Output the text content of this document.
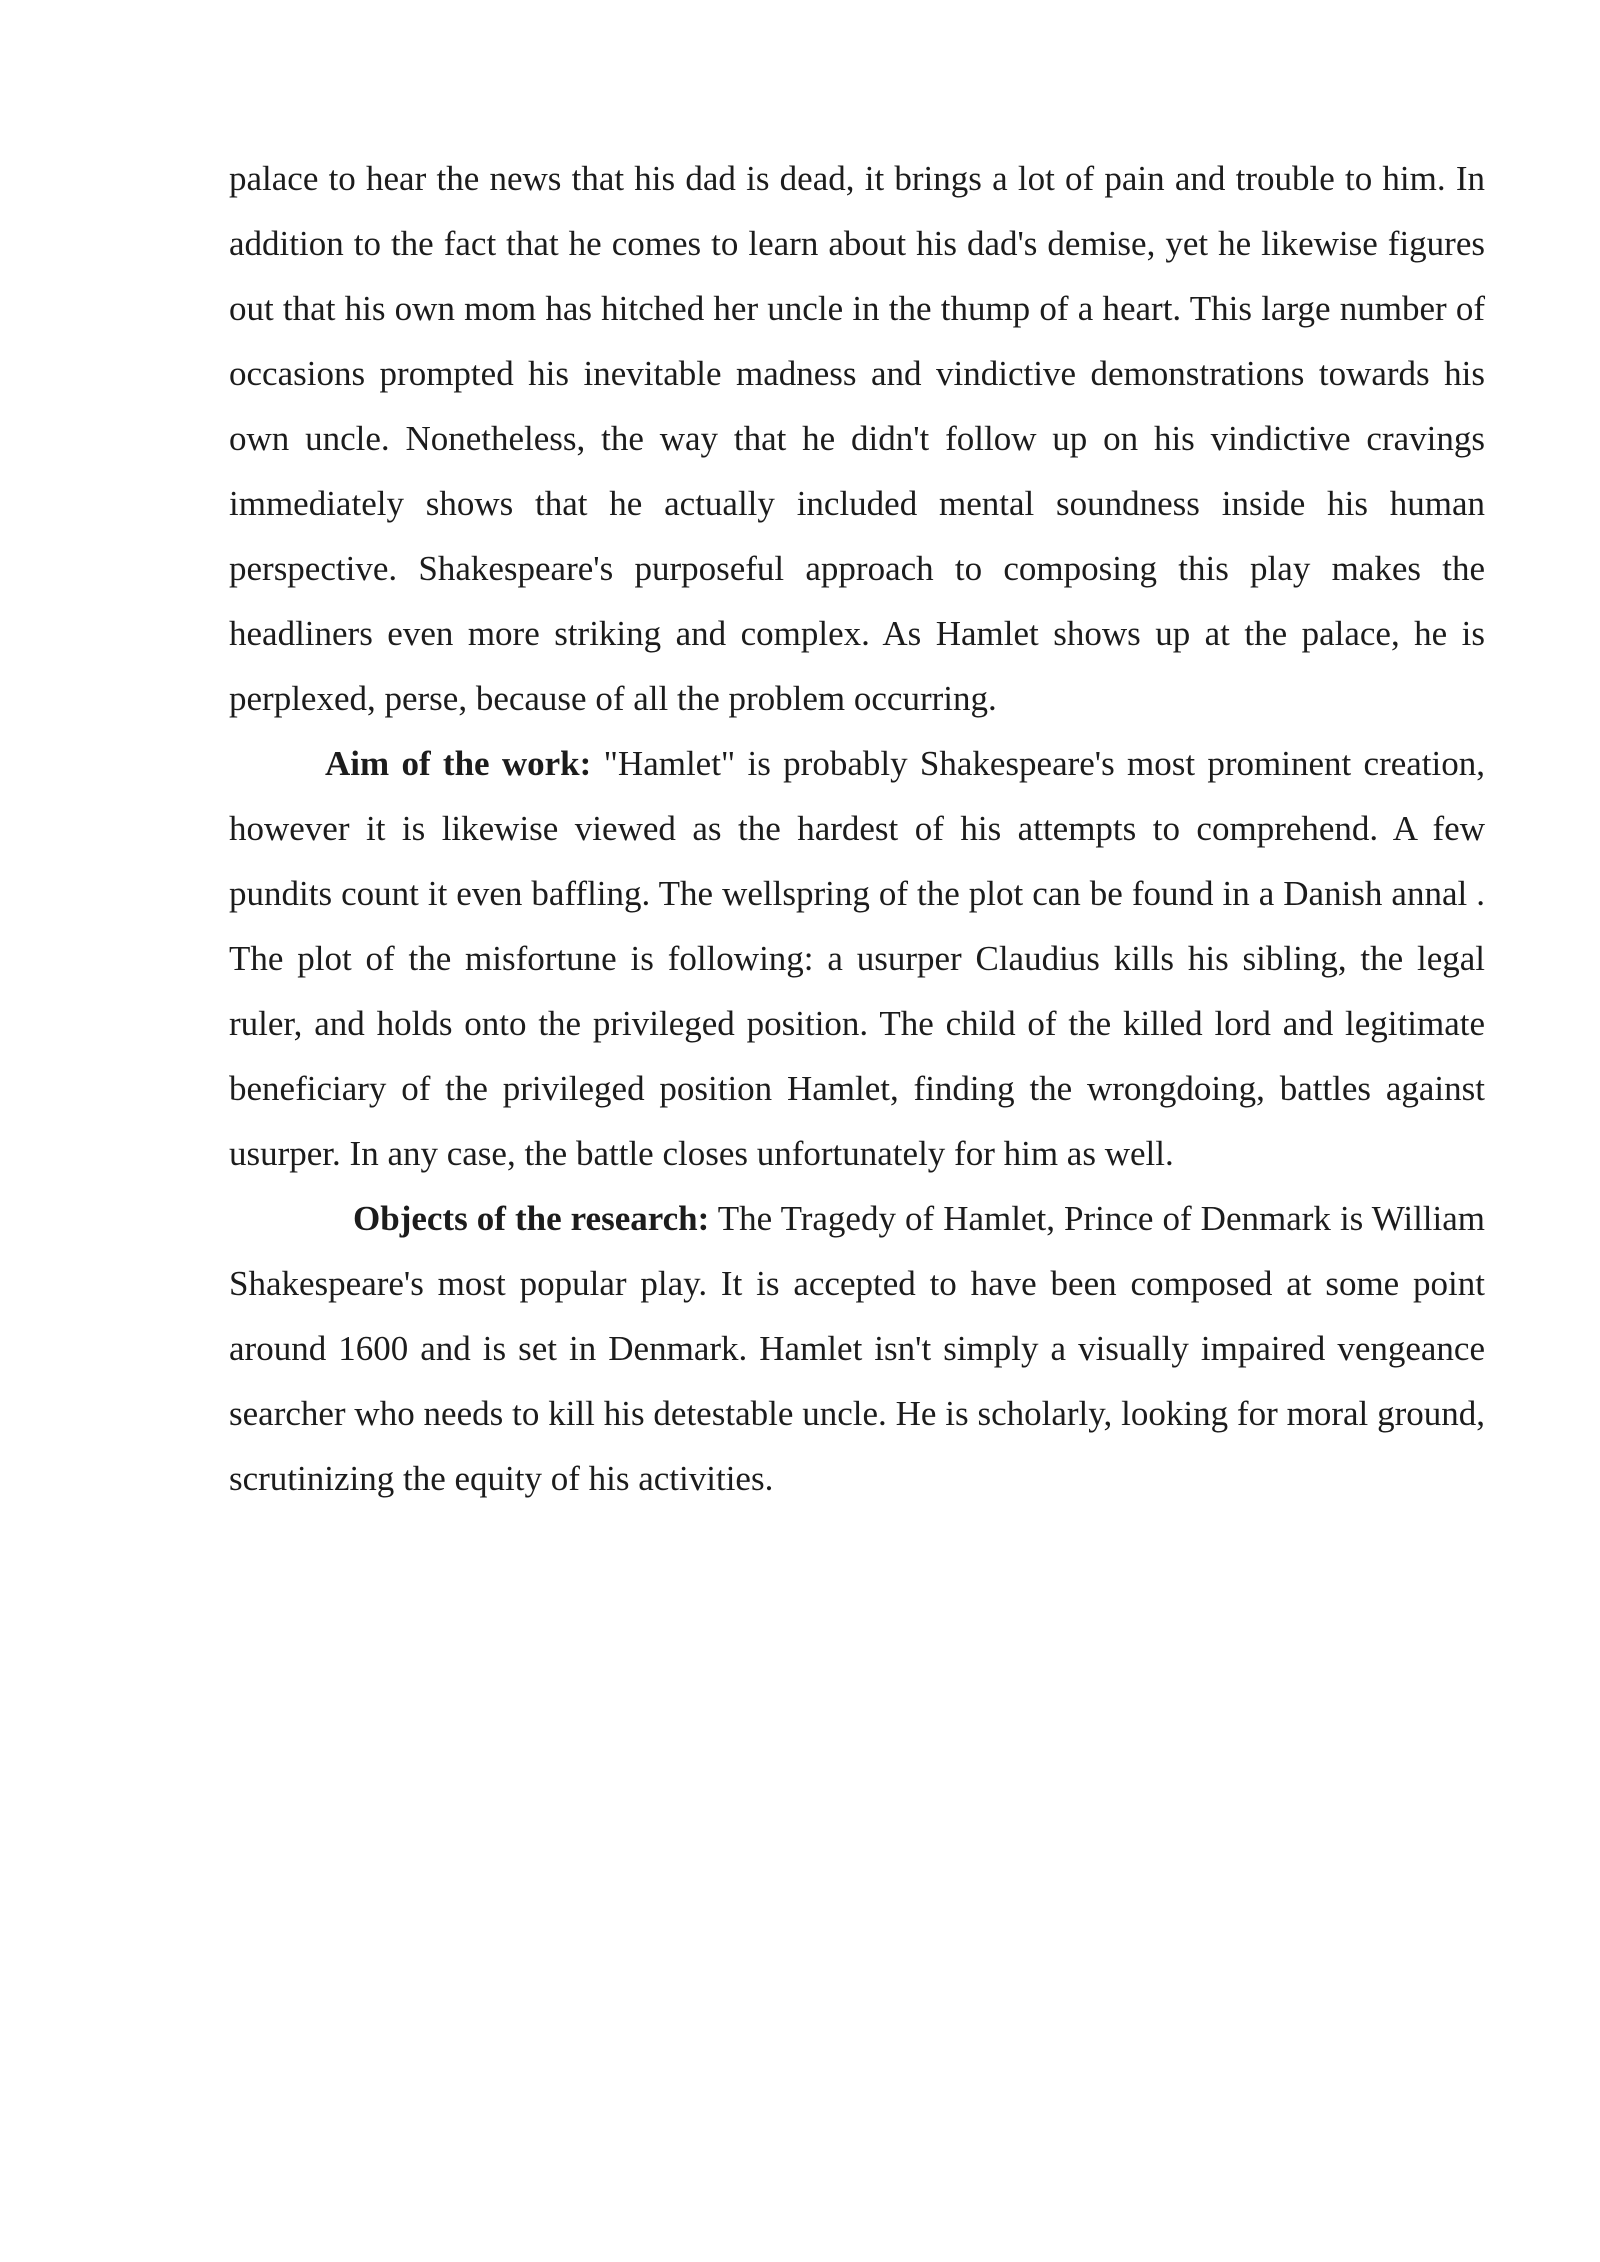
palace to hear the news that his dad is dead, it brings a lot of pain and trouble to him. In addition to the fact that he comes to learn about his dad's demise, yet he likewise figures out that his own mom has hitched her uncle in the thump of a heart. This large number of occasions prompted his inevitable madness and vindictive demonstrations towards his own uncle. Nonetheless, the way that he didn't follow up on his vindictive cravings immediately shows that he actually included mental soundness inside his human perspective. Shakespeare's purposeful approach to composing this play makes the headliners even more striking and complex. As Hamlet shows up at the palace, he is perplexed, perse, because of all the problem occurring.

Aim of the work: "Hamlet" is probably Shakespeare's most prominent creation, however it is likewise viewed as the hardest of his attempts to comprehend. A few pundits count it even baffling. The wellspring of the plot can be found in a Danish annal . The plot of the misfortune is following: a usurper Claudius kills his sibling, the legal ruler, and holds onto the privileged position. The child of the killed lord and legitimate beneficiary of the privileged position Hamlet, finding the wrongdoing, battles against usurper. In any case, the battle closes unfortunately for him as well.

Objects of the research: The Tragedy of Hamlet, Prince of Denmark is William Shakespeare's most popular play. It is accepted to have been composed at some point around 1600 and is set in Denmark. Hamlet isn't simply a visually impaired vengeance searcher who needs to kill his detestable uncle. He is scholarly, looking for moral ground, scrutinizing the equity of his activities.
